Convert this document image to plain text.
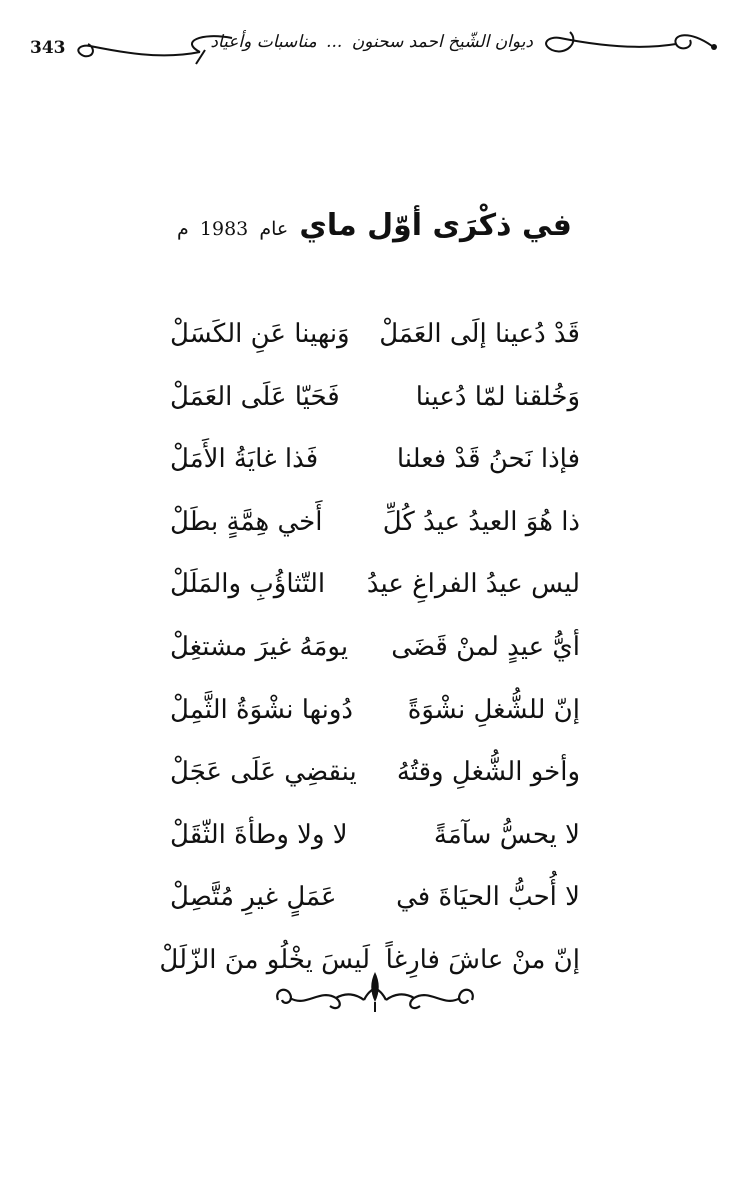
343	ديوان الشّيخ احمد سحنون ... مناسبات وأعياد
في ذكْرَى أوّل ماي عام 1983 م
قَدْ دُعينا إلَى العَمَلْ
وَنهينا عَنِ الكَسَلْ
وَخُلقنا لمّا دُعينا
فَحَيّا عَلَى العَمَلْ
فإذا نَحنُ قَدْ فعلنا
فَذا غايَةُ الأَمَلْ
ذا هُوَ العيدُ عيدُ كُلِّ
أَخي هِمَّةٍ بطَلْ
ليس عيدُ الفراغِ عيدُ
التّثاؤُبِ والمَلَلْ
أيُّ عيدٍ لمنْ قَضَى
يومَهُ غيرَ مشتغِلْ
إنّ للشُّغلِ نشْوَةً
دُونها نشْوَةُ الثَّمِلْ
وأخو الشُّغلِ وقتُهُ
ينقضِي عَلَى عَجَلْ
لا يحسُّ سآمَةً
لا ولا وطأةَ الثّقَلْ
لا أُحبُّ الحيَاةَ في
عَمَلٍ غيرِ مُتَّصِلْ
إنّ منْ عاشَ فارِغاً
لَيسَ يخْلُو منَ الزّلَلْ
